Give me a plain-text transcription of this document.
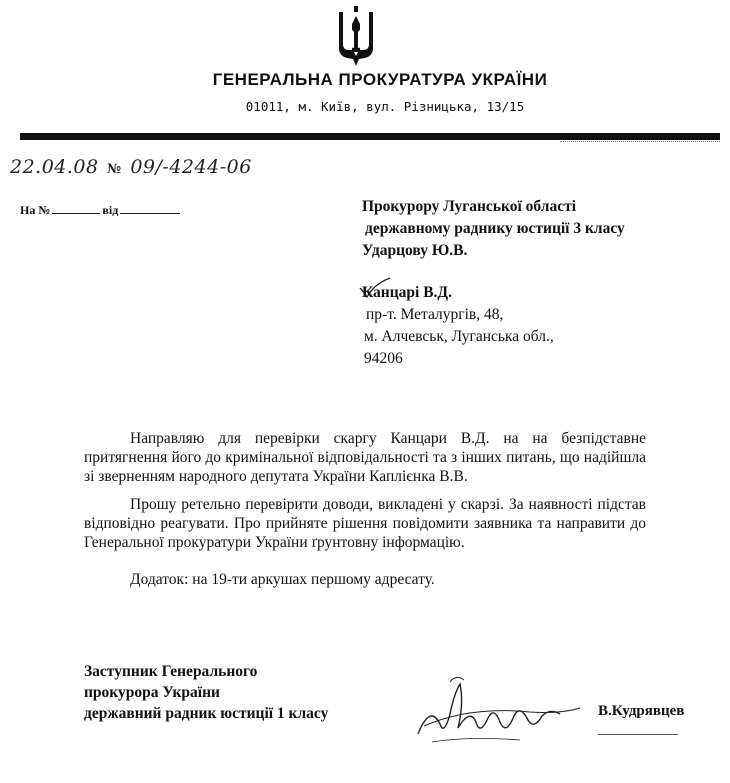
ГЕНЕРАЛЬНА ПРОКУРАТУРА УКРАЇНИ
01011, м. Київ, вул. Різницька, 13/15
22.04.08 № 09/-4244-06
На №	від	Прокурору Луганської області
державному раднику юстиції 3 класу
Ударцову Ю.В.
Канцарі В.Д.
пр-т. Металургів, 48,
м. Алчевськ, Луганська обл.,
94206

Направляю для перевірки скаргу Канцари В.Д. на на безпідставне притягнення його до кримінальної відповідальності та з інших питань, що надійшла зі зверненням народного депутата України Каплієнка В.В.

Прошу ретельно перевірити доводи, викладені у скарзі. За наявності підстав відповідно реагувати. Про прийняте рішення повідомити заявника та направити до Генеральної прокуратури України ґрунтовну інформацію.

Додаток: на 19-ти аркушах першому адресату.

Заступник Генерального
прокурора України
державний радник юстиції 1 класу	В.Кудрявцев
